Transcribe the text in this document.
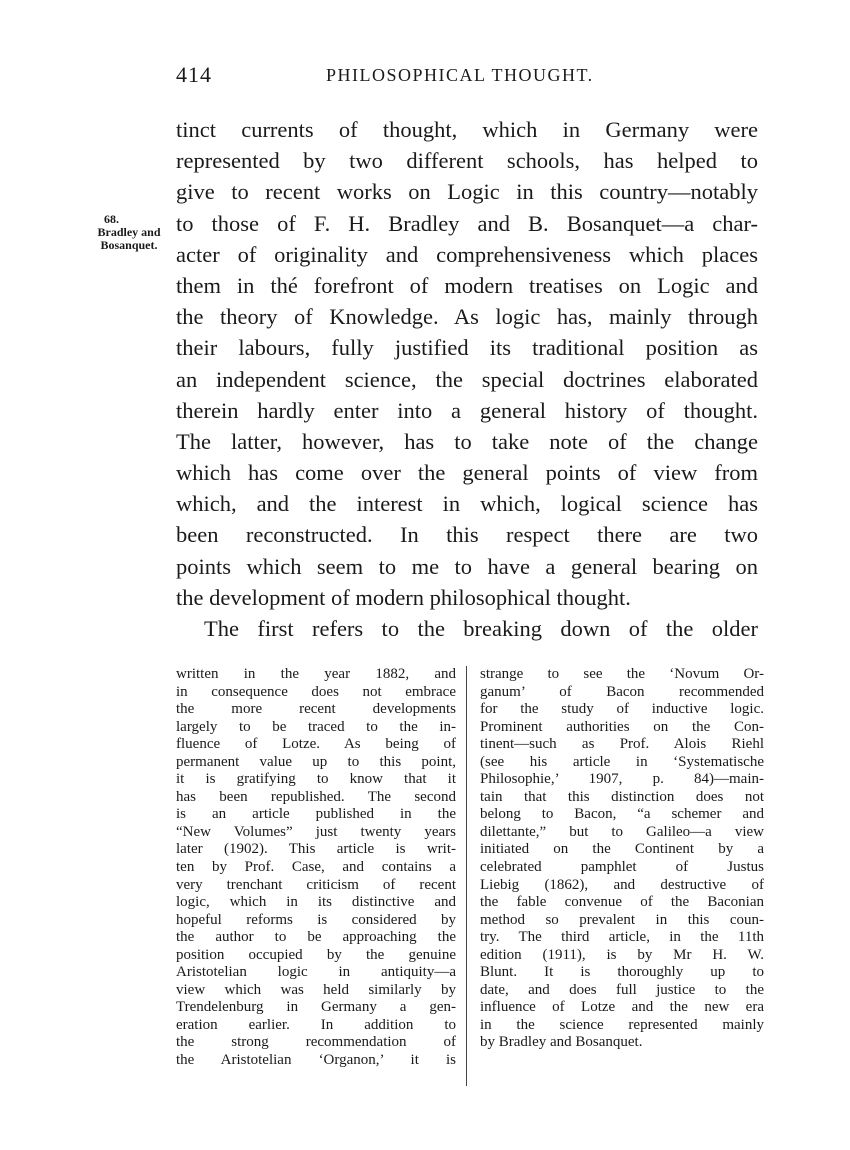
414	PHILOSOPHICAL THOUGHT.
68.
Bradley and
Bosanquet.
tinct currents of thought, which in Germany were
represented by two different schools, has helped to
give to recent works on Logic in this country—notably
to those of F. H. Bradley and B. Bosanquet—a char-
acter of originality and comprehensiveness which places
them in thé forefront of modern treatises on Logic and
the theory of Knowledge. As logic has, mainly through
their labours, fully justified its traditional position as
an independent science, the special doctrines elaborated
therein hardly enter into a general history of thought.
The latter, however, has to take note of the change
which has come over the general points of view from
which, and the interest in which, logical science has
been reconstructed. In this respect there are two
points which seem to me to have a general bearing on
the development of modern philosophical thought.
The first refers to the breaking down of the older
written in the year 1882, and
in consequence does not embrace
the more recent developments
largely to be traced to the in-
fluence of Lotze. As being of
permanent value up to this point,
it is gratifying to know that it
has been republished. The second
is an article published in the
“New Volumes” just twenty years
later (1902). This article is writ-
ten by Prof. Case, and contains a
very trenchant criticism of recent
logic, which in its distinctive and
hopeful reforms is considered by
the author to be approaching the
position occupied by the genuine
Aristotelian logic in antiquity—a
view which was held similarly by
Trendelenburg in Germany a gen-
eration earlier. In addition to
the strong recommendation of
the Aristotelian ‘Organon,’ it is
strange to see the ‘Novum Or-
ganum’ of Bacon recommended
for the study of inductive logic.
Prominent authorities on the Con-
tinent—such as Prof. Alois Riehl
(see his article in ‘Systematische
Philosophie,’ 1907, p. 84)—main-
tain that this distinction does not
belong to Bacon, “a schemer and
dilettante,” but to Galileo—a view
initiated on the Continent by a
celebrated pamphlet of Justus
Liebig (1862), and destructive of
the fable convenue of the Baconian
method so prevalent in this coun-
try. The third article, in the 11th
edition (1911), is by Mr H. W.
Blunt. It is thoroughly up to
date, and does full justice to the
influence of Lotze and the new era
in the science represented mainly
by Bradley and Bosanquet.
